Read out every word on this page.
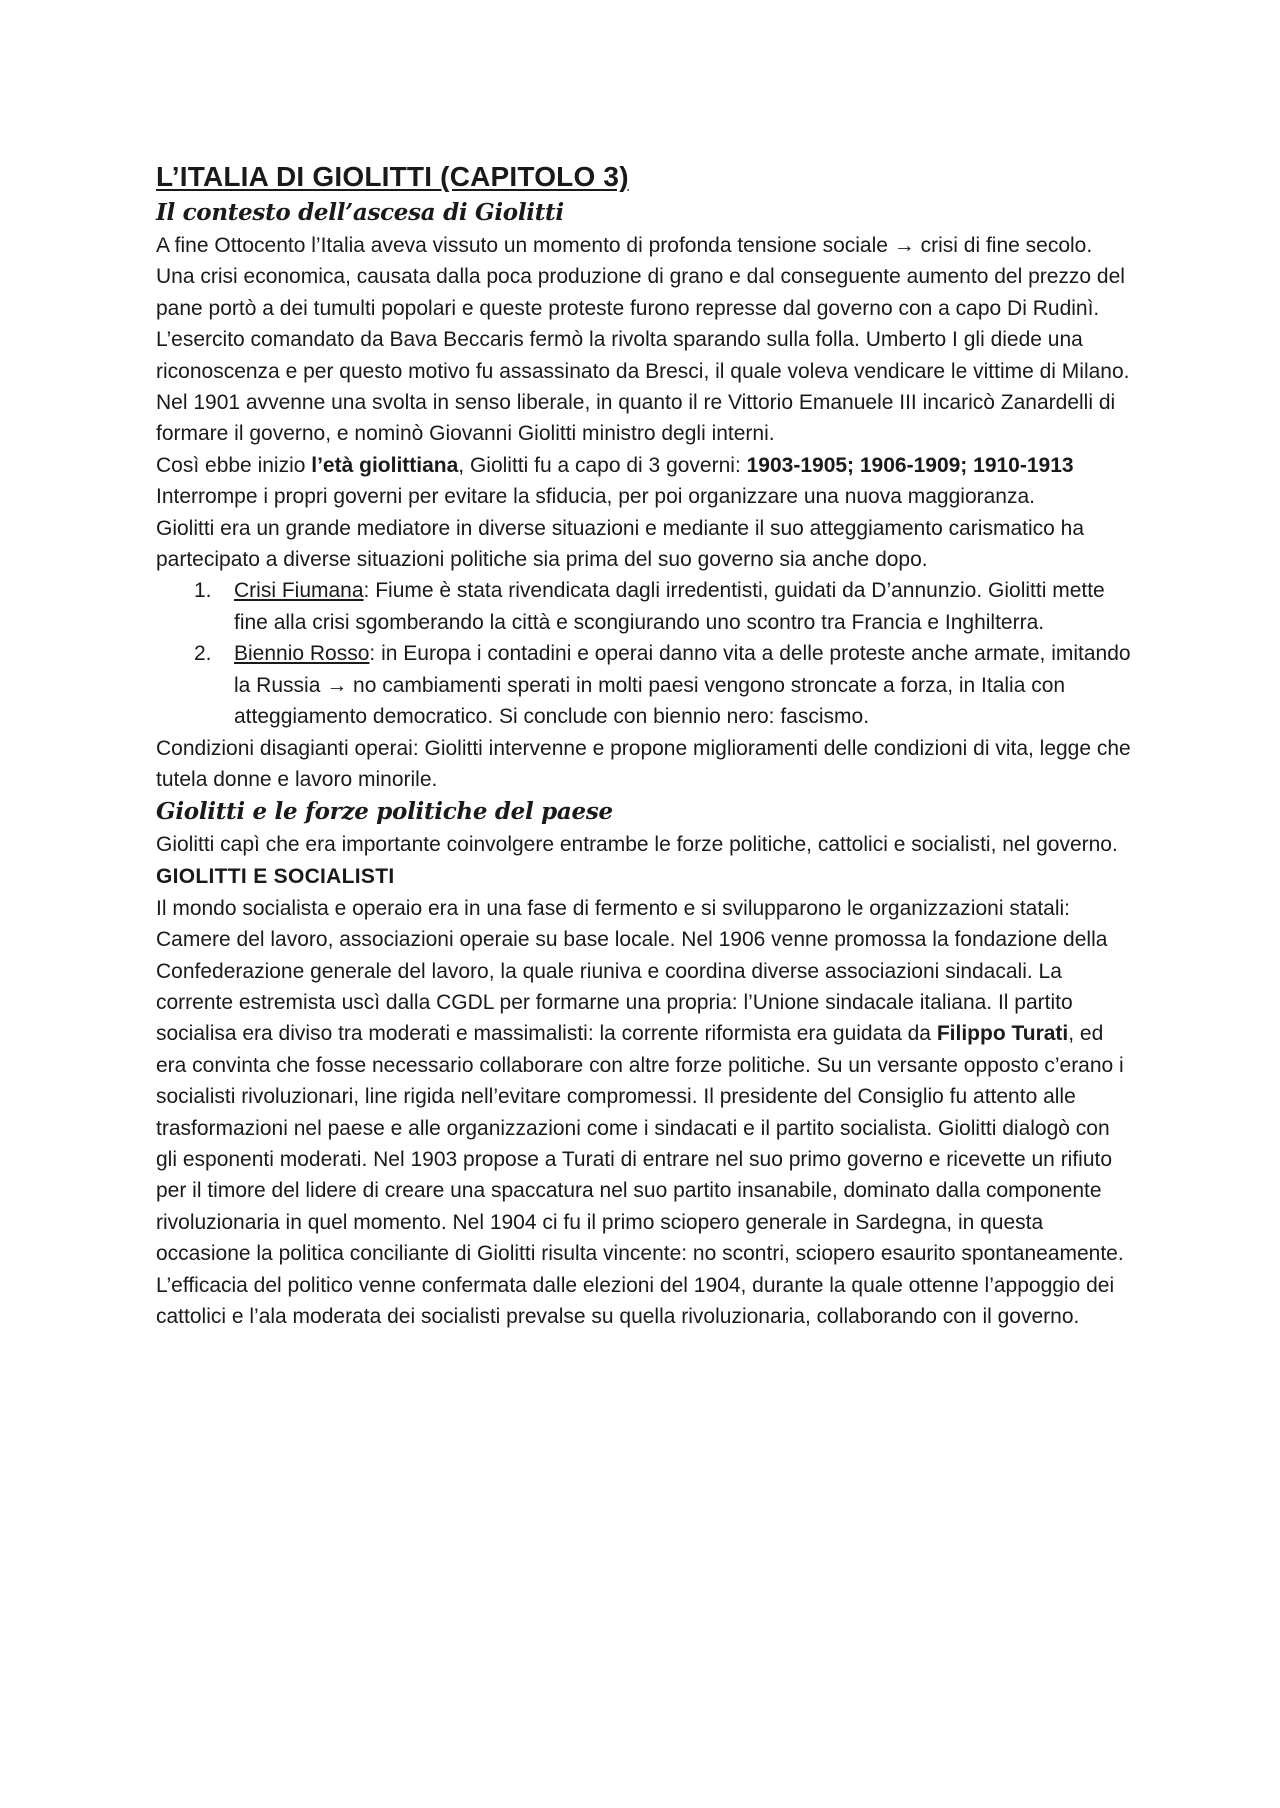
L’ITALIA DI GIOLITTI (CAPITOLO 3)
Il contesto dell’ascesa di Giolitti

A fine Ottocento l’Italia aveva vissuto un momento di profonda tensione sociale → crisi di fine secolo. Una crisi economica, causata dalla poca produzione di grano e dal conseguente aumento del prezzo del pane portò a dei tumulti popolari e queste proteste furono represse dal governo con a capo Di Rudinì. L’esercito comandato da Bava Beccaris fermò la rivolta sparando sulla folla. Umberto I gli diede una riconoscenza e per questo motivo fu assassinato da Bresci, il quale voleva vendicare le vittime di Milano.

Nel 1901 avvenne una svolta in senso liberale, in quanto il re Vittorio Emanuele III incaricò Zanardelli di formare il governo, e nominò Giovanni Giolitti ministro degli interni.

Così ebbe inizio l’età giolittiana, Giolitti fu a capo di 3 governi: 1903-1905; 1906-1909; 1910-1913

Interrompe i propri governi per evitare la sfiducia, per poi organizzare una nuova maggioranza.

Giolitti era un grande mediatore in diverse situazioni e mediante il suo atteggiamento carismatico ha partecipato a diverse situazioni politiche sia prima del suo governo sia anche dopo.

1. Crisi Fiumana: Fiume è stata rivendicata dagli irredentisti, guidati da D’annunzio. Giolitti mette fine alla crisi sgomberando la città e scongiurando uno scontro tra Francia e Inghilterra.
2. Biennio Rosso: in Europa i contadini e operai danno vita a delle proteste anche armate, imitando la Russia → no cambiamenti sperati in molti paesi vengono stroncate a forza, in Italia con atteggiamento democratico. Si conclude con biennio nero: fascismo.

Condizioni disagianti operai: Giolitti intervenne e propone miglioramenti delle condizioni di vita, legge che tutela donne e lavoro minorile.

Giolitti e le forze politiche del paese

Giolitti capì che era importante coinvolgere entrambe le forze politiche, cattolici e socialisti, nel governo.

GIOLITTI E SOCIALISTI

Il mondo socialista e operaio era in una fase di fermento e si svilupparono le organizzazioni statali: Camere del lavoro, associazioni operaie su base locale. Nel 1906 venne promossa la fondazione della Confederazione generale del lavoro, la quale riuniva e coordina diverse associazioni sindacali. La corrente estremista uscì dalla CGDL per formarne una propria: l’Unione sindacale italiana. Il partito socialisa era diviso tra moderati e massimalisti: la corrente riformista era guidata da Filippo Turati, ed era convinta che fosse necessario collaborare con altre forze politiche. Su un versante opposto c’erano i socialisti rivoluzionari, line rigida nell’evitare compromessi. Il presidente del Consiglio fu attento alle trasformazioni nel paese e alle organizzazioni come i sindacati e il partito socialista. Giolitti dialogò con gli esponenti moderati. Nel 1903 propose a Turati di entrare nel suo primo governo e ricevette un rifiuto per il timore del lidere di creare una spaccatura nel suo partito insanabile, dominato dalla componente rivoluzionaria in quel momento. Nel 1904 ci fu il primo sciopero generale in Sardegna, in questa occasione la politica conciliante di Giolitti risulta vincente: no scontri, sciopero esaurito spontaneamente. L’efficacia del politico venne confermata dalle elezioni del 1904, durante la quale ottenne l’appoggio dei cattolici e l’ala moderata dei socialisti prevalse su quella rivoluzionaria, collaborando con il governo.
